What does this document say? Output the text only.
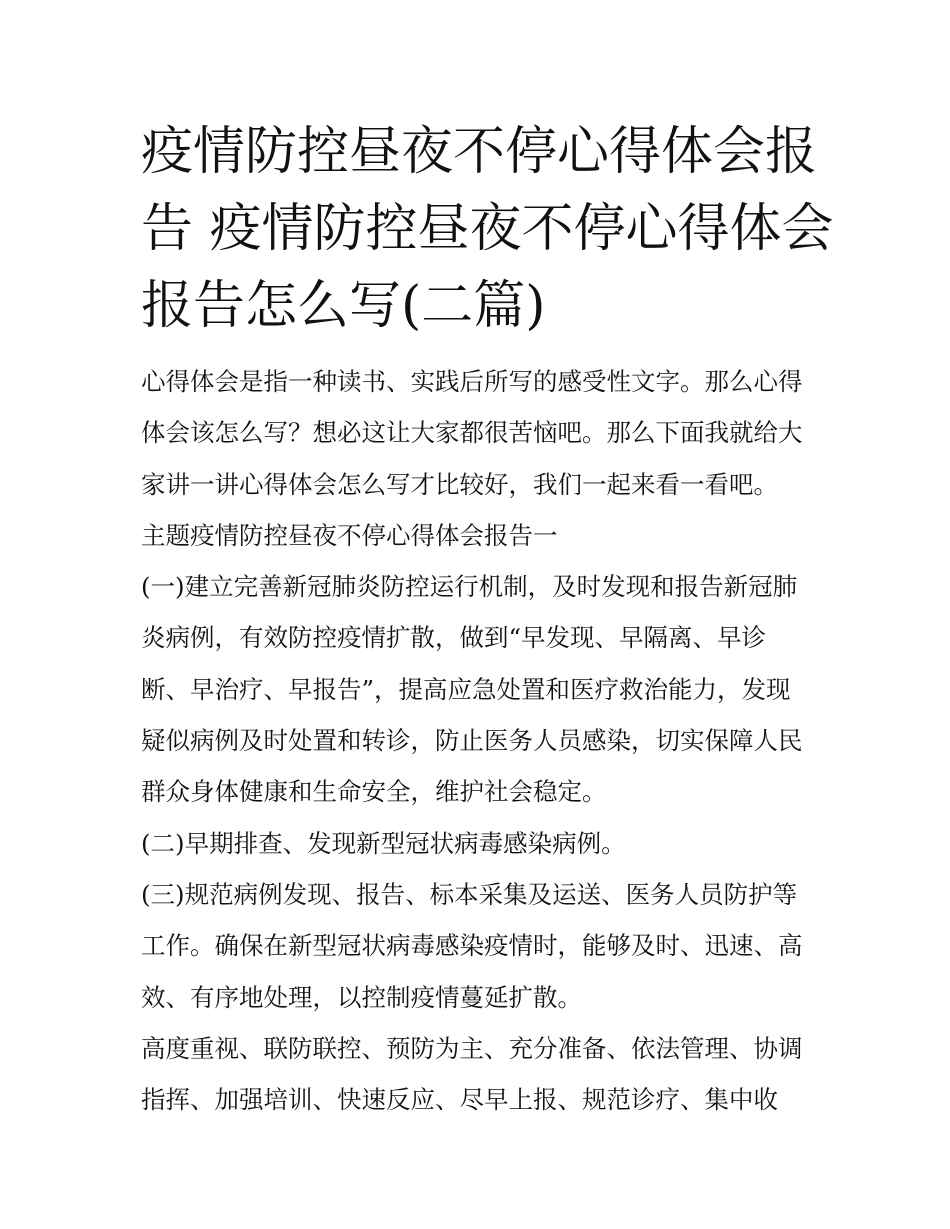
疫情防控昼夜不停心得体会报
告 疫情防控昼夜不停心得体会
报告怎么写(二篇)
心得体会是指一种读书、实践后所写的感受性文字。那么心得
体会该怎么写？想必这让大家都很苦恼吧。那么下面我就给大
家讲一讲心得体会怎么写才比较好，我们一起来看一看吧。
主题疫情防控昼夜不停心得体会报告一
(一)建立完善新冠肺炎防控运行机制，及时发现和报告新冠肺
炎病例，有效防控疫情扩散，做到“早发现、早隔离、早诊
断、早治疗、早报告”，提高应急处置和医疗救治能力，发现
疑似病例及时处置和转诊，防止医务人员感染，切实保障人民
群众身体健康和生命安全，维护社会稳定。
(二)早期排查、发现新型冠状病毒感染病例。
(三)规范病例发现、报告、标本采集及运送、医务人员防护等
工作。确保在新型冠状病毒感染疫情时，能够及时、迅速、高
效、有序地处理，以控制疫情蔓延扩散。
高度重视、联防联控、预防为主、充分准备、依法管理、协调
指挥、加强培训、快速反应、尽早上报、规范诊疗、集中收
